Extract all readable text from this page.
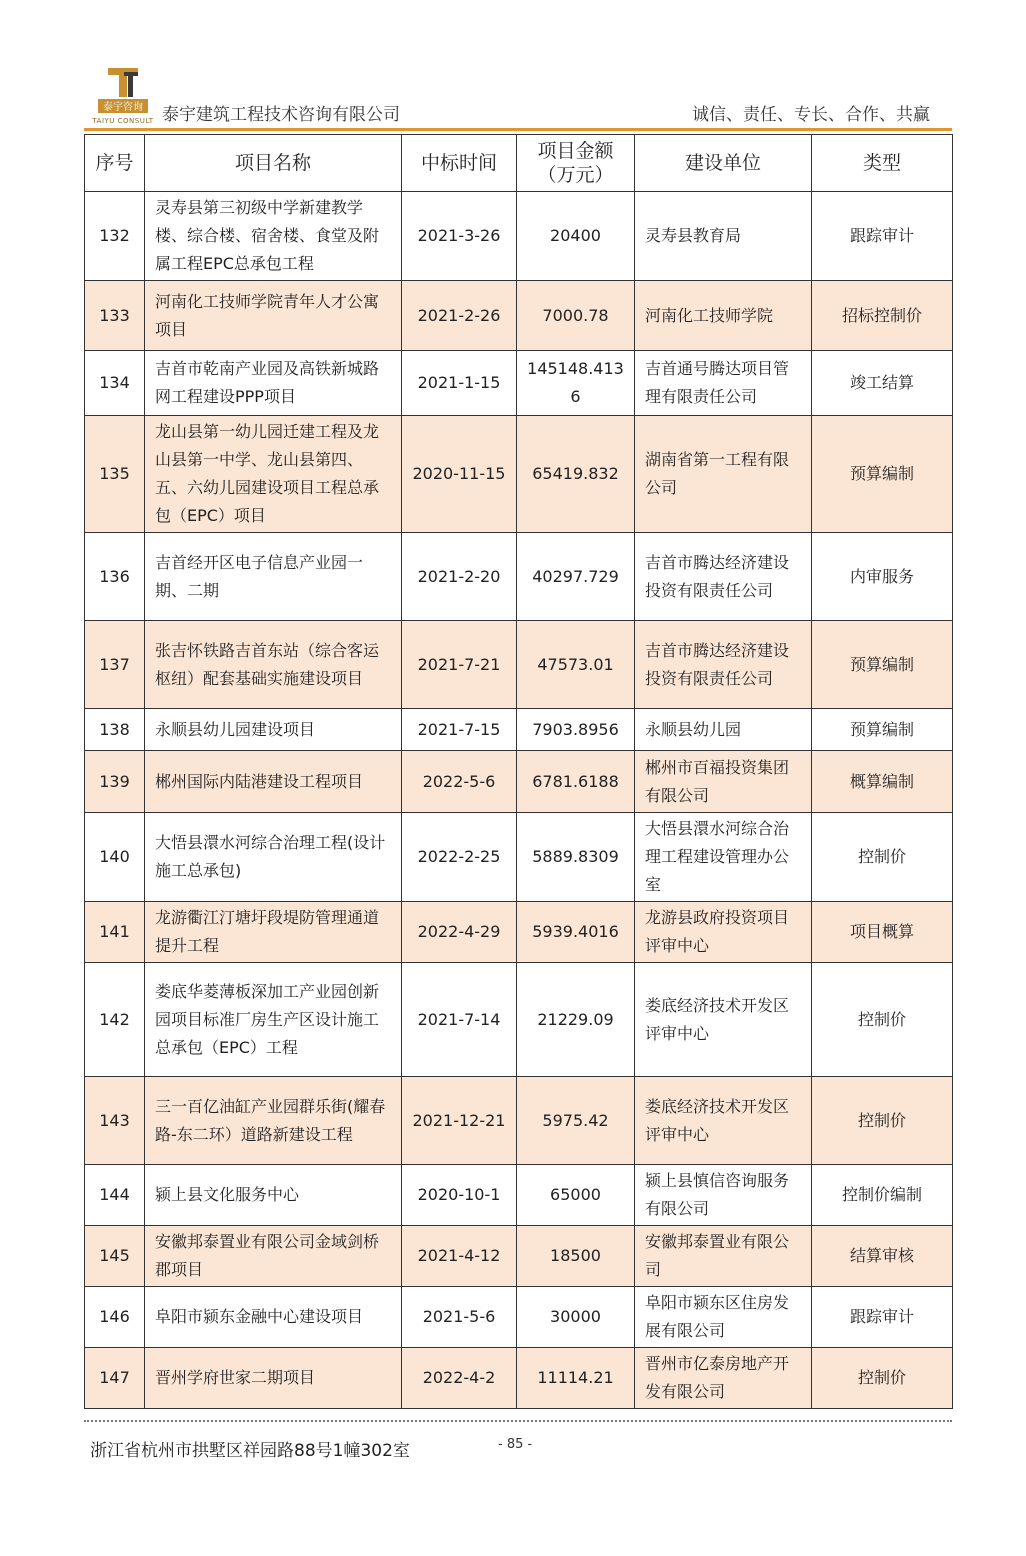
泰宇咨询
TAIYU CONSULT 泰宇建筑工程技术咨询有限公司	诚信、责任、专长、合作、共赢
序号	项目名称	中标时间	项目金额（万元）	建设单位	类型
132	灵寿县第三初级中学新建教学楼、综合楼、宿舍楼、食堂及附属工程EPC总承包工程	2021-3-26	20400	灵寿县教育局	跟踪审计
133	河南化工技师学院青年人才公寓项目	2021-2-26	7000.78	河南化工技师学院	招标控制价
134	吉首市乾南产业园及高铁新城路网工程建设PPP项目	2021-1-15	145148.4136	吉首通号腾达项目管理有限责任公司	竣工结算
135	龙山县第一幼儿园迁建工程及龙山县第一中学、龙山县第四、五、六幼儿园建设项目工程总承包（EPC）项目	2020-11-15	65419.832	湖南省第一工程有限公司	预算编制
136	吉首经开区电子信息产业园一期、二期	2021-2-20	40297.729	吉首市腾达经济建设投资有限责任公司	内审服务
137	张吉怀铁路吉首东站（综合客运枢纽）配套基础实施建设项目	2021-7-21	47573.01	吉首市腾达经济建设投资有限责任公司	预算编制
138	永顺县幼儿园建设项目	2021-7-15	7903.8956	永顺县幼儿园	预算编制
139	郴州国际内陆港建设工程项目	2022-5-6	6781.6188	郴州市百福投资集团有限公司	概算编制
140	大悟县澴水河综合治理工程(设计施工总承包)	2022-2-25	5889.8309	大悟县澴水河综合治理工程建设管理办公室	控制价
141	龙游衢江汀塘圩段堤防管理通道提升工程	2022-4-29	5939.4016	龙游县政府投资项目评审中心	项目概算
142	娄底华菱薄板深加工产业园创新园项目标准厂房生产区设计施工总承包（EPC）工程	2021-7-14	21229.09	娄底经济技术开发区评审中心	控制价
143	三一百亿油缸产业园群乐街(耀春路-东二环）道路新建设工程	2021-12-21	5975.42	娄底经济技术开发区评审中心	控制价
144	颍上县文化服务中心	2020-10-1	65000	颍上县慎信咨询服务有限公司	控制价编制
145	安徽邦泰置业有限公司金域剑桥郡项目	2021-4-12	18500	安徽邦泰置业有限公司	结算审核
146	阜阳市颍东金融中心建设项目	2021-5-6	30000	阜阳市颍东区住房发展有限公司	跟踪审计
147	晋州学府世家二期项目	2022-4-2	11114.21	晋州市亿泰房地产开发有限公司	控制价
浙江省杭州市拱墅区祥园路88号1幢302室	- 85 -
